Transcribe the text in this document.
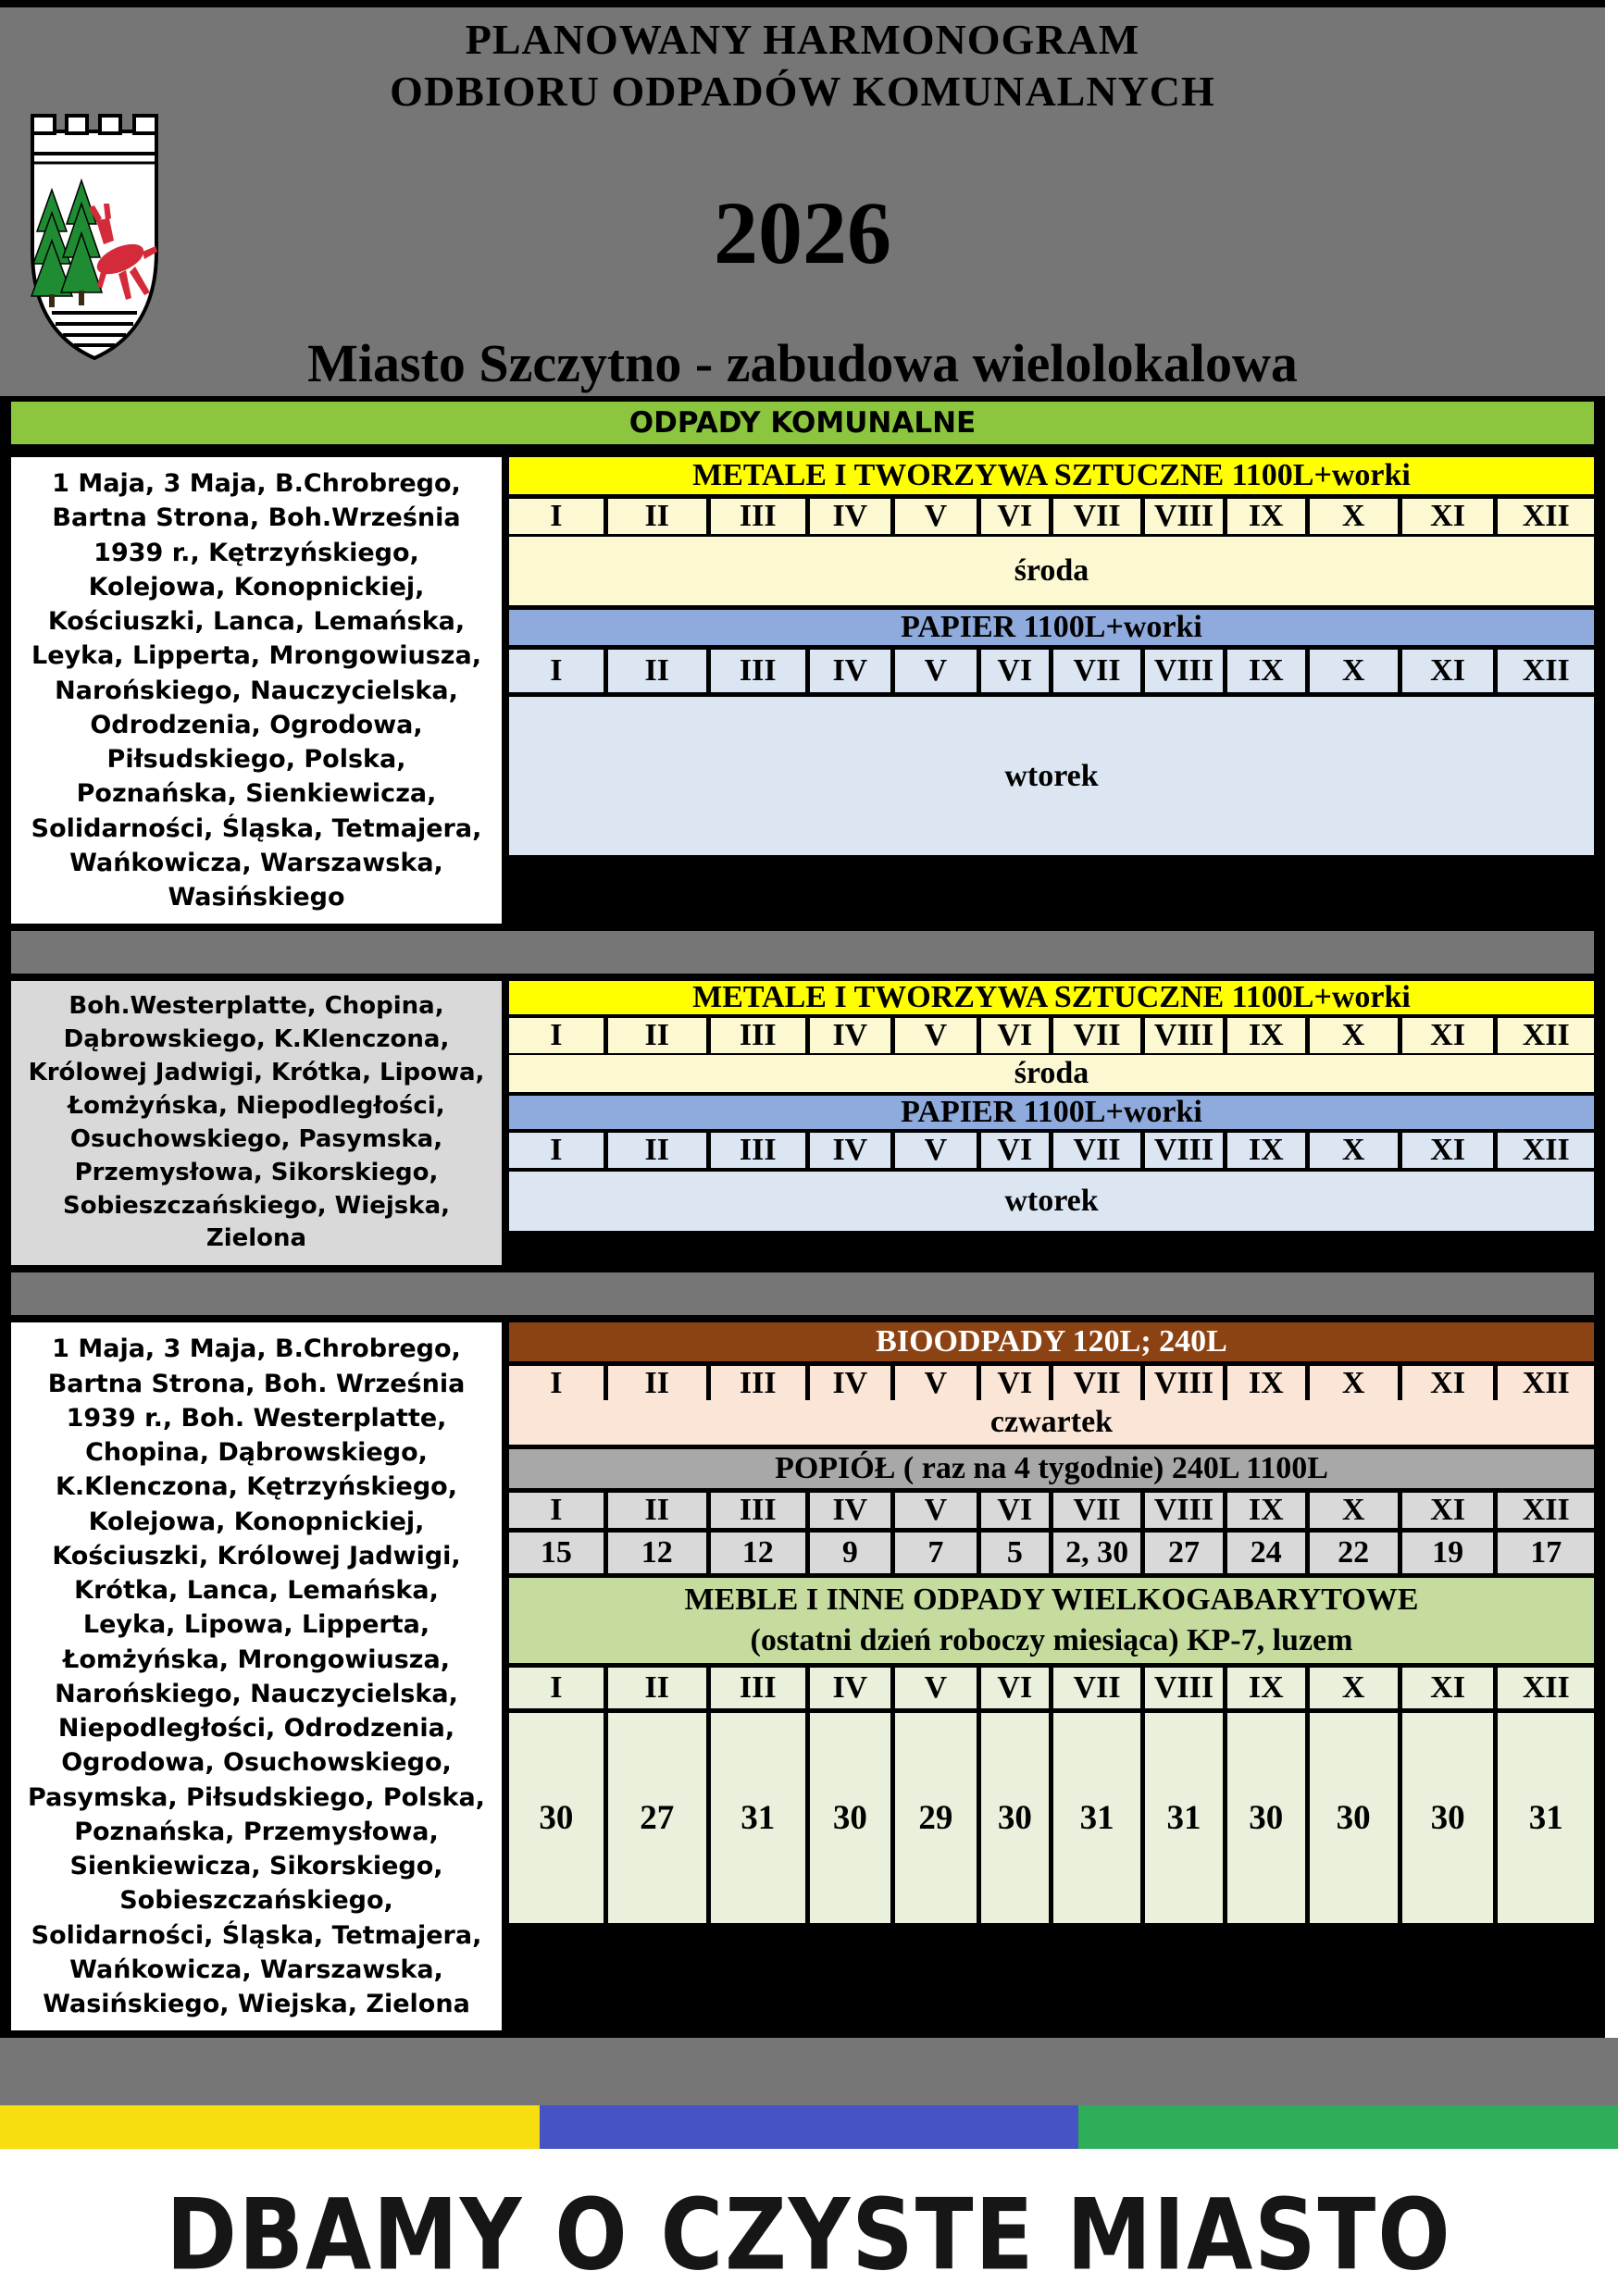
PLANOWANY HARMONOGRAM
ODBIORU ODPADÓW KOMUNALNYCH
2026
Miasto Szczytno - zabudowa wielolokalowa
ODPADY KOMUNALNE
1 Maja, 3 Maja, B.Chrobrego, Bartna Strona, Boh.Września 1939 r., Kętrzyńskiego, Kolejowa, Konopnickiej, Kościuszki, Lanca, Lemańska, Leyka, Lipperta, Mrongowiusza, Narońskiego, Nauczycielska, Odrodzenia, Ogrodowa, Piłsudskiego, Polska, Poznańska, Sienkiewicza, Solidarności, Śląska, Tetmajera, Wańkowicza, Warszawska, Wasińskiego
METALE I TWORZYWA SZTUCZNE 1100L+worki
I	II	III	IV	V	VI	VII	VIII	IX	X	XI	XII
środa
PAPIER 1100L+worki
I	II	III	IV	V	VI	VII	VIII	IX	X	XI	XII
wtorek
Boh.Westerplatte, Chopina, Dąbrowskiego, K.Klenczona, Królowej Jadwigi, Krótka, Lipowa, Łomżyńska, Niepodległości, Osuchowskiego, Pasymska, Przemysłowa, Sikorskiego, Sobieszczańskiego, Wiejska, Zielona
METALE I TWORZYWA SZTUCZNE 1100L+worki
I	II	III	IV	V	VI	VII	VIII	IX	X	XI	XII
środa
PAPIER 1100L+worki
I	II	III	IV	V	VI	VII	VIII	IX	X	XI	XII
wtorek
1 Maja, 3 Maja, B.Chrobrego, Bartna Strona, Boh. Września 1939 r., Boh. Westerplatte, Chopina, Dąbrowskiego, K.Klenczona, Kętrzyńskiego, Kolejowa, Konopnickiej, Kościuszki, Królowej Jadwigi, Krótka, Lanca, Lemańska, Leyka, Lipowa, Lipperta, Łomżyńska, Mrongowiusza, Narońskiego, Nauczycielska, Niepodległości, Odrodzenia, Ogrodowa, Osuchowskiego, Pasymska, Piłsudskiego, Polska, Poznańska, Przemysłowa, Sienkiewicza, Sikorskiego, Sobieszczańskiego, Solidarności, Śląska, Tetmajera, Wańkowicza, Warszawska, Wasińskiego, Wiejska, Zielona
BIOODPADY 120L; 240L
I	II	III	IV	V	VI	VII	VIII	IX	X	XI	XII
czwartek
POPIÓŁ ( raz na 4 tygodnie) 240L 1100L
I	II	III	IV	V	VI	VII	VIII	IX	X	XI	XII
15	12	12	9	7	5	2, 30	27	24	22	19	17
MEBLE I INNE ODPADY WIELKOGABARYTOWE
(ostatni dzień roboczy miesiąca) KP-7, luzem
I	II	III	IV	V	VI	VII	VIII	IX	X	XI	XII
30	27	31	30	29	30	31	31	30	30	30	31
DBAMY O CZYSTE MIASTO
